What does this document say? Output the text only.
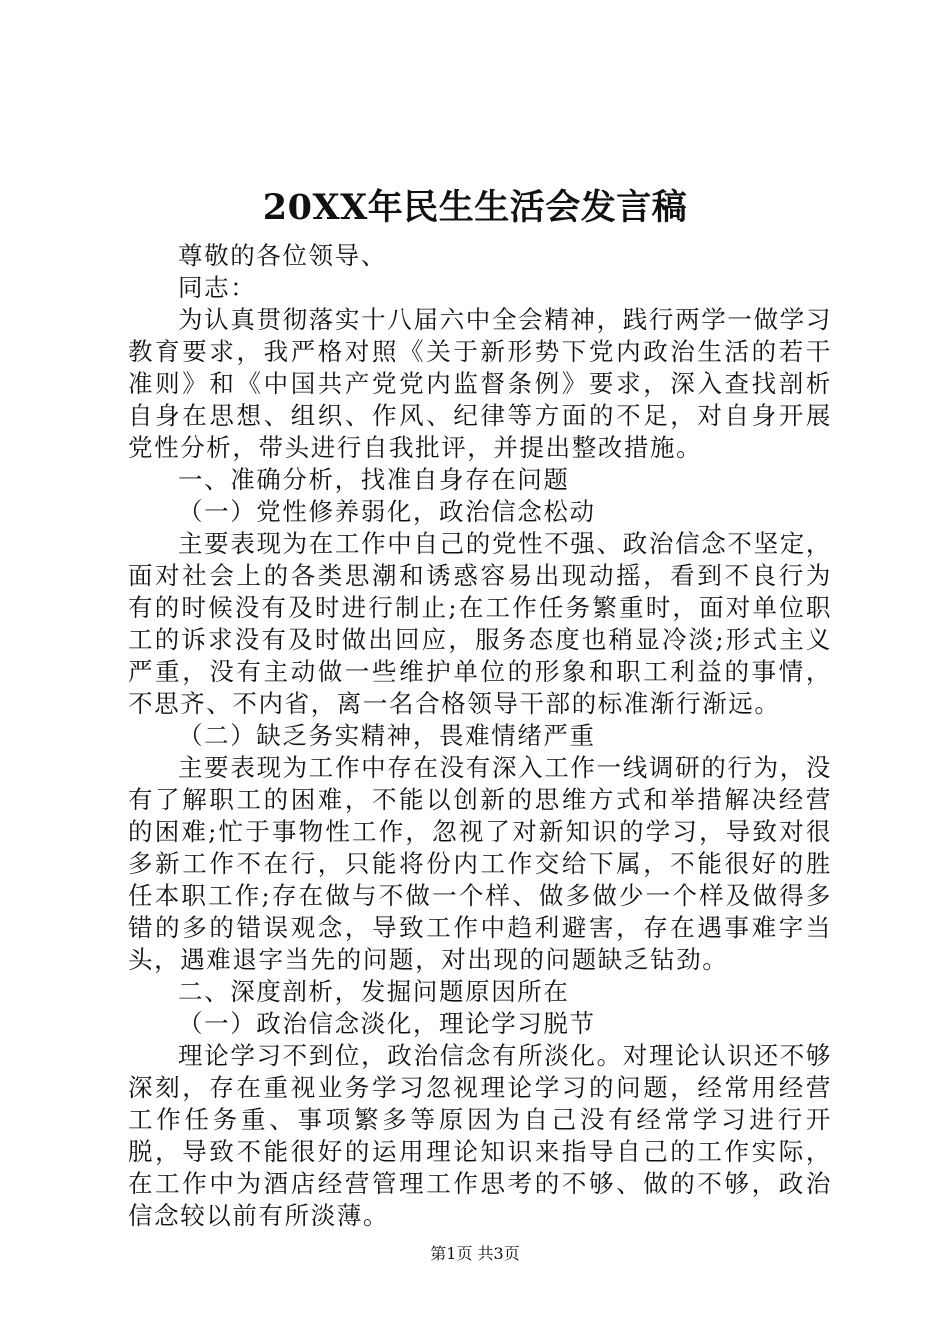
20XX年民生生活会发言稿

尊敬的各位领导、

同志：

为认真贯彻落实十八届六中全会精神，践行两学一做学习教育要求，我严格对照《关于新形势下党内政治生活的若干准则》和《中国共产党党内监督条例》要求，深入查找剖析自身在思想、组织、作风、纪律等方面的不足，对自身开展党性分析，带头进行自我批评，并提出整改措施。

一、准确分析，找准自身存在问题

（一）党性修养弱化，政治信念松动

主要表现为在工作中自己的党性不强、政治信念不坚定，面对社会上的各类思潮和诱惑容易出现动摇，看到不良行为有的时候没有及时进行制止;在工作任务繁重时，面对单位职工的诉求没有及时做出回应，服务态度也稍显冷淡;形式主义严重，没有主动做一些维护单位的形象和职工利益的事情，不思齐、不内省，离一名合格领导干部的标准渐行渐远。

（二）缺乏务实精神，畏难情绪严重

主要表现为工作中存在没有深入工作一线调研的行为，没有了解职工的困难，不能以创新的思维方式和举措解决经营的困难;忙于事物性工作，忽视了对新知识的学习，导致对很多新工作不在行，只能将份内工作交给下属，不能很好的胜任本职工作;存在做与不做一个样、做多做少一个样及做得多错的多的错误观念，导致工作中趋利避害，存在遇事难字当头，遇难退字当先的问题，对出现的问题缺乏钻劲。

二、深度剖析，发掘问题原因所在

（一）政治信念淡化，理论学习脱节

理论学习不到位，政治信念有所淡化。对理论认识还不够深刻，存在重视业务学习忽视理论学习的问题，经常用经营工作任务重、事项繁多等原因为自己没有经常学习进行开脱，导致不能很好的运用理论知识来指导自己的工作实际，在工作中为酒店经营管理工作思考的不够、做的不够，政治信念较以前有所淡薄。

第1页 共3页
